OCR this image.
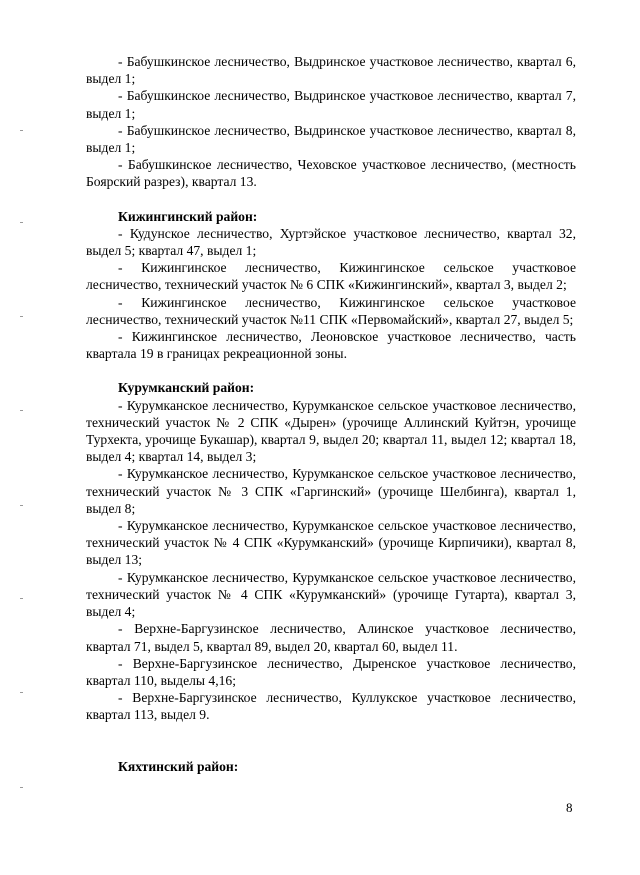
- Бабушкинское лесничество, Выдринское участковое лесничество, квартал 6, выдел 1;

- Бабушкинское лесничество, Выдринское участковое лесничество, квартал 7, выдел 1;

- Бабушкинское лесничество, Выдринское участковое лесничество, квартал 8, выдел 1;

- Бабушкинское лесничество, Чеховское участковое лесничество, (местность Боярский разрез), квартал 13.

Кижингинский район:

- Кудунское лесничество, Хуртэйское участковое лесничество, квартал 32, выдел 5; квартал 47, выдел 1;

- Кижингинское лесничество, Кижингинское сельское участковое лесничество, технический участок № 6 СПК «Кижингинский», квартал 3, выдел 2;

- Кижингинское лесничество, Кижингинское сельское участковое лесничество, технический участок №11 СПК «Первомайский», квартал 27, выдел 5;

- Кижингинское лесничество, Леоновское участковое лесничество, часть квартала 19 в границах рекреационной зоны.

Курумканский район:

- Курумканское лесничество, Курумканское сельское участковое лесничество, технический участок № 2 СПК «Дырен» (урочище Аллинский Куйтэн, урочище Турхекта, урочище Букашар), квартал 9, выдел 20; квартал 11, выдел 12; квартал 18, выдел 4; квартал 14, выдел 3;

- Курумканское лесничество, Курумканское сельское участковое лесничество, технический участок № 3 СПК «Гаргинский» (урочище Шелбинга), квартал 1, выдел 8;

- Курумканское лесничество, Курумканское сельское участковое лесничество, технический участок № 4 СПК «Курумканский» (урочище Кирпичики), квартал 8, выдел 13;

- Курумканское лесничество, Курумканское сельское участковое лесничество, технический участок № 4 СПК «Курумканский» (урочище Гутарта), квартал 3, выдел 4;

- Верхне-Баргузинское лесничество, Алинское участковое лесничество, квартал 71, выдел 5, квартал 89, выдел 20, квартал 60, выдел 11.

- Верхне-Баргузинское лесничество, Дыренское участковое лесничество, квартал 110, выделы 4,16;

- Верхне-Баргузинское лесничество, Куллукское участковое лесничество, квартал 113, выдел 9.

Кяхтинский район:

8
